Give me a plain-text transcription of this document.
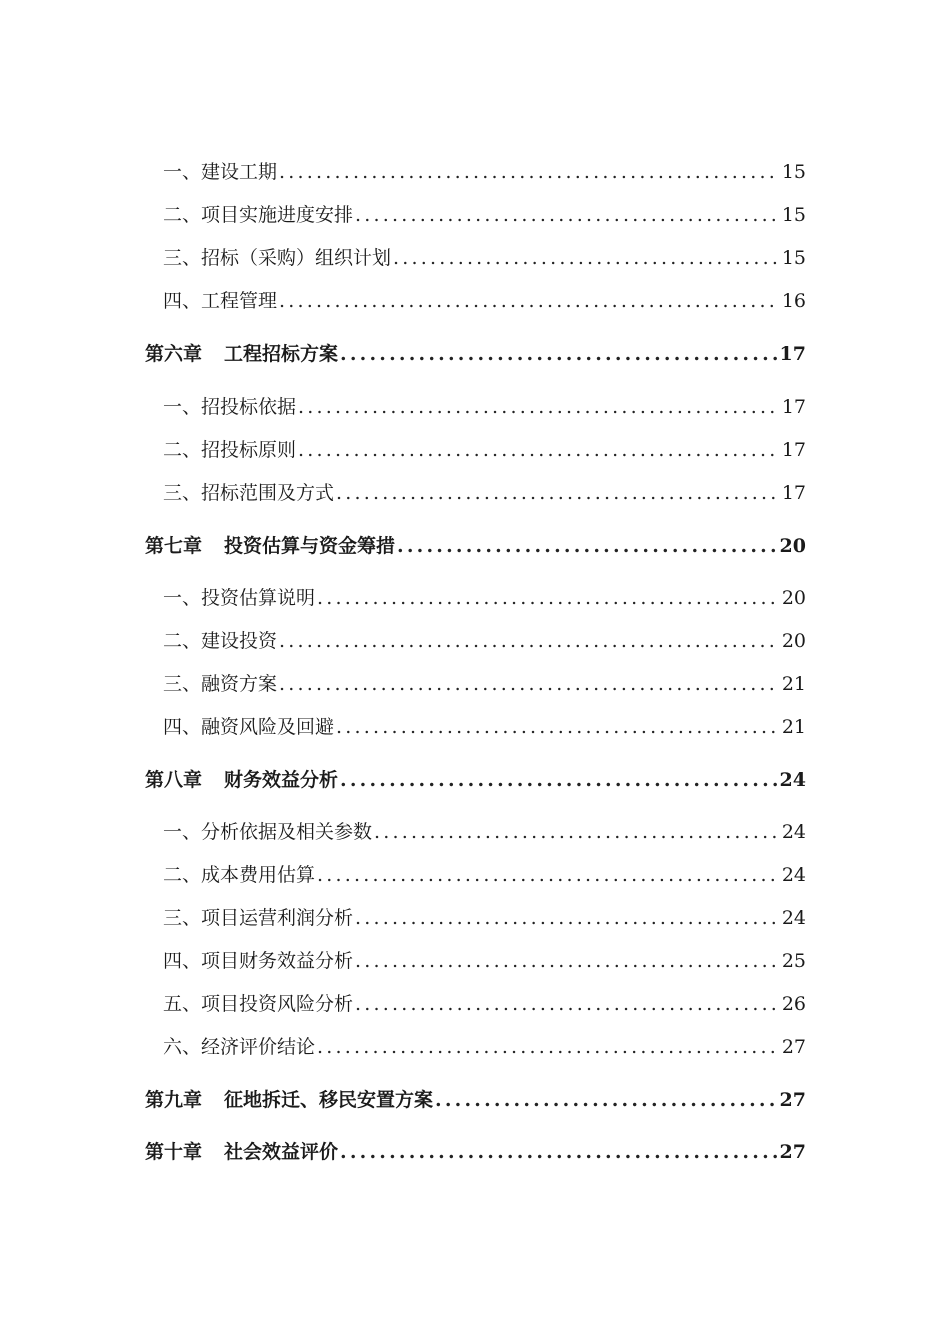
一、 建设工期 .....	15
二、 项目实施进度安排 .....	15
三、 招标（采购）组织计划 .....	15
四、 工程管理 .....	16
第六章 工程招标方案 .....	17
一、 招投标依据 .....	17
二、 招投标原则 .....	17
三、 招标范围及方式 .....	17
第七章 投资估算与资金筹措 .....	20
一、 投资估算说明 .....	20
二、 建设投资 .....	20
三、 融资方案 .....	21
四、 融资风险及回避 .....	21
第八章 财务效益分析 .....	24
一、 分析依据及相关参数 .....	24
二、 成本费用估算 .....	24
三、 项目运营利润分析 .....	24
四、 项目财务效益分析 .....	25
五、 项目投资风险分析 .....	26
六、 经济评价结论 .....	27
第九章 征地拆迁、移民安置方案 .....	27
第十章 社会效益评价 .....	27
